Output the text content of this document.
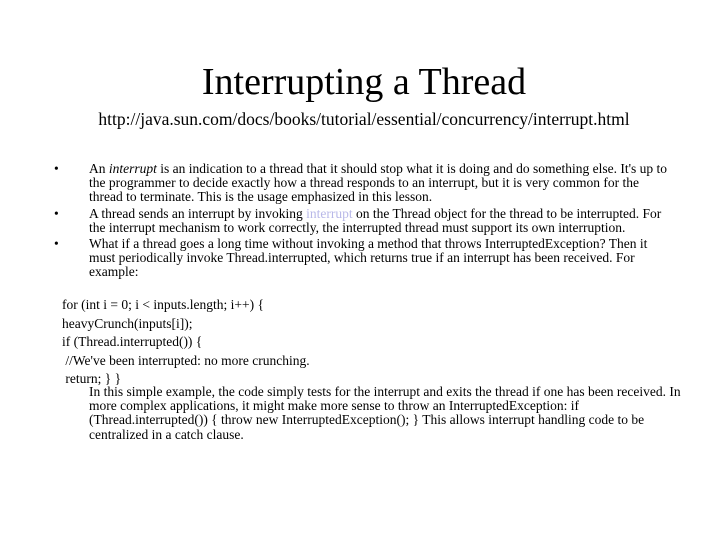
Interrupting a Thread
http://java.sun.com/docs/books/tutorial/essential/concurrency/interrupt.html
• An interrupt is an indication to a thread that it should stop what it is doing and do something else. It's up to the programmer to decide exactly how a thread responds to an interrupt, but it is very common for the thread to terminate. This is the usage emphasized in this lesson.
• A thread sends an interrupt by invoking interrupt on the Thread object for the thread to be interrupted. For the interrupt mechanism to work correctly, the interrupted thread must support its own interruption.
• What if a thread goes a long time without invoking a method that throws InterruptedException? Then it must periodically invoke Thread.interrupted, which returns true if an interrupt has been received. For example:
for (int i = 0; i < inputs.length; i++) {
heavyCrunch(inputs[i]);
if (Thread.interrupted()) {
//We've been interrupted: no more crunching.
return; } }
In this simple example, the code simply tests for the interrupt and exits the thread if one has been received. In more complex applications, it might make more sense to throw an InterruptedException: if (Thread.interrupted()) { throw new InterruptedException(); } This allows interrupt handling code to be centralized in a catch clause.
